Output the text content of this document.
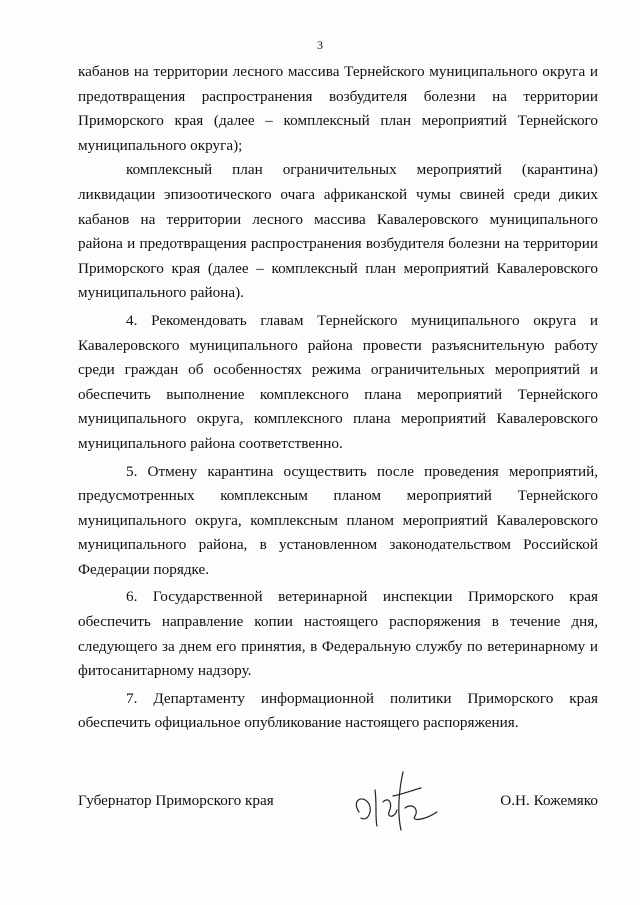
3

кабанов на территории лесного массива Тернейского муниципального округа и предотвращения распространения возбудителя болезни на территории Приморского края (далее – комплексный план мероприятий Тернейского муниципального округа);

комплексный план ограничительных мероприятий (карантина) ликвидации эпизоотического очага африканской чумы свиней среди диких кабанов на территории лесного массива Кавалеровского муниципального района и предотвращения распространения возбудителя болезни на территории Приморского края (далее – комплексный план мероприятий Кавалеровского муниципального района).

4. Рекомендовать главам Тернейского муниципального округа и Кавалеровского муниципального района провести разъяснительную работу среди граждан об особенностях режима ограничительных мероприятий и обеспечить выполнение комплексного плана мероприятий Тернейского муниципального округа, комплексного плана мероприятий Кавалеровского муниципального района соответственно.

5. Отмену карантина осуществить после проведения мероприятий, предусмотренных комплексным планом мероприятий Тернейского муниципального округа, комплексным планом мероприятий Кавалеровского муниципального района, в установленном законодательством Российской Федерации порядке.

6. Государственной ветеринарной инспекции Приморского края обеспечить направление копии настоящего распоряжения в течение дня, следующего за днем его принятия, в Федеральную службу по ветеринарному и фитосанитарному надзору.

7. Департаменту информационной политики Приморского края обеспечить официальное опубликование настоящего распоряжения.

Губернатор Приморского края	О.Н. Кожемяко
